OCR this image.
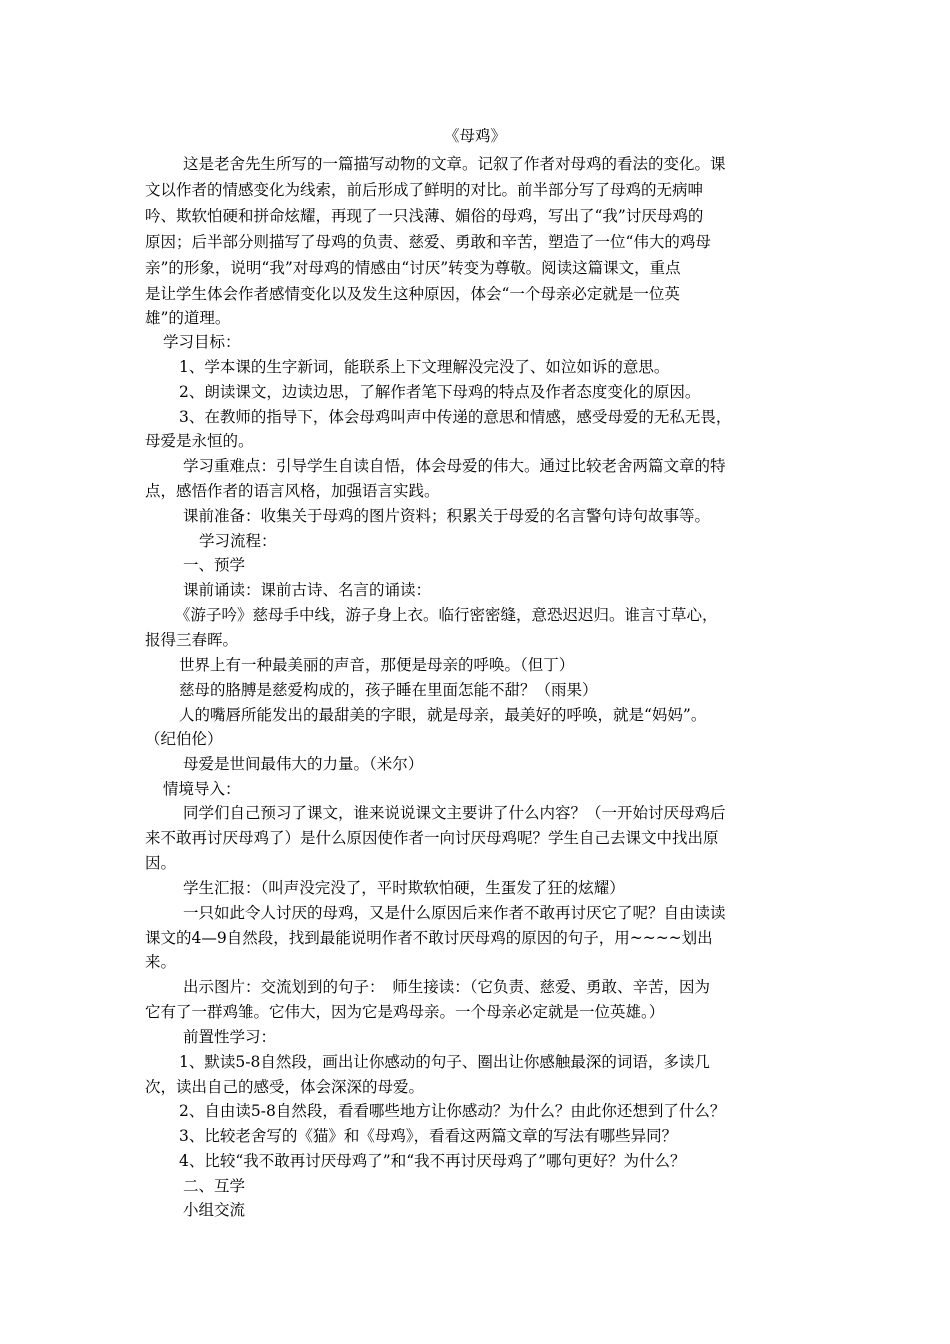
《母鸡》
这是老舍先生所写的一篇描写动物的文章。记叙了作者对母鸡的看法的变化。课
文以作者的情感变化为线索，前后形成了鲜明的对比。前半部分写了母鸡的无病呻
吟、欺软怕硬和拼命炫耀，再现了一只浅薄、媚俗的母鸡，写出了“我”讨厌母鸡的
原因；后半部分则描写了母鸡的负责、慈爱、勇敢和辛苦，塑造了一位“伟大的鸡母
亲”的形象，说明“我”对母鸡的情感由“讨厌”转变为尊敬。阅读这篇课文，重点
是让学生体会作者感情变化以及发生这种原因，体会“一个母亲必定就是一位英
雄”的道理。
学习目标：
1、学本课的生字新词，能联系上下文理解没完没了、如泣如诉的意思。
2、朗读课文，边读边思，了解作者笔下母鸡的特点及作者态度变化的原因。
3、在教师的指导下，体会母鸡叫声中传递的意思和情感，感受母爱的无私无畏，
母爱是永恒的。
学习重难点：引导学生自读自悟，体会母爱的伟大。通过比较老舍两篇文章的特
点，感悟作者的语言风格，加强语言实践。
课前准备：收集关于母鸡的图片资料；积累关于母爱的名言警句诗句故事等。
学习流程：
一、预学
课前诵读：课前古诗、名言的诵读：
《游子吟》慈母手中线，游子身上衣。临行密密缝，意恐迟迟归。谁言寸草心，
报得三春晖。
世界上有一种最美丽的声音，那便是母亲的呼唤。（但丁）
慈母的胳膊是慈爱构成的，孩子睡在里面怎能不甜？（雨果）
人的嘴唇所能发出的最甜美的字眼，就是母亲，最美好的呼唤，就是“妈妈”。
（纪伯伦）
母爱是世间最伟大的力量。（米尔）
情境导入：
同学们自己预习了课文，谁来说说课文主要讲了什么内容？（一开始讨厌母鸡后
来不敢再讨厌母鸡了）是什么原因使作者一向讨厌母鸡呢？学生自己去课文中找出原
因。
学生汇报：（叫声没完没了，平时欺软怕硬，生蛋发了狂的炫耀）
一只如此令人讨厌的母鸡，又是什么原因后来作者不敢再讨厌它了呢？自由读读
课文的4—9自然段，找到最能说明作者不敢讨厌母鸡的原因的句子，用~~~~划出
来。
出示图片：交流划到的句子：　师生接读：（它负责、慈爱、勇敢、辛苦，因为
它有了一群鸡雏。它伟大，因为它是鸡母亲。一个母亲必定就是一位英雄。）
前置性学习：
1、默读5-8自然段，画出让你感动的句子、圈出让你感触最深的词语，多读几
次，读出自己的感受，体会深深的母爱。
2、自由读5-8自然段，看看哪些地方让你感动？为什么？由此你还想到了什么？
3、比较老舍写的《猫》和《母鸡》，看看这两篇文章的写法有哪些异同？
4、比较“我不敢再讨厌母鸡了”和“我不再讨厌母鸡了”哪句更好？为什么？
二、互学
小组交流
